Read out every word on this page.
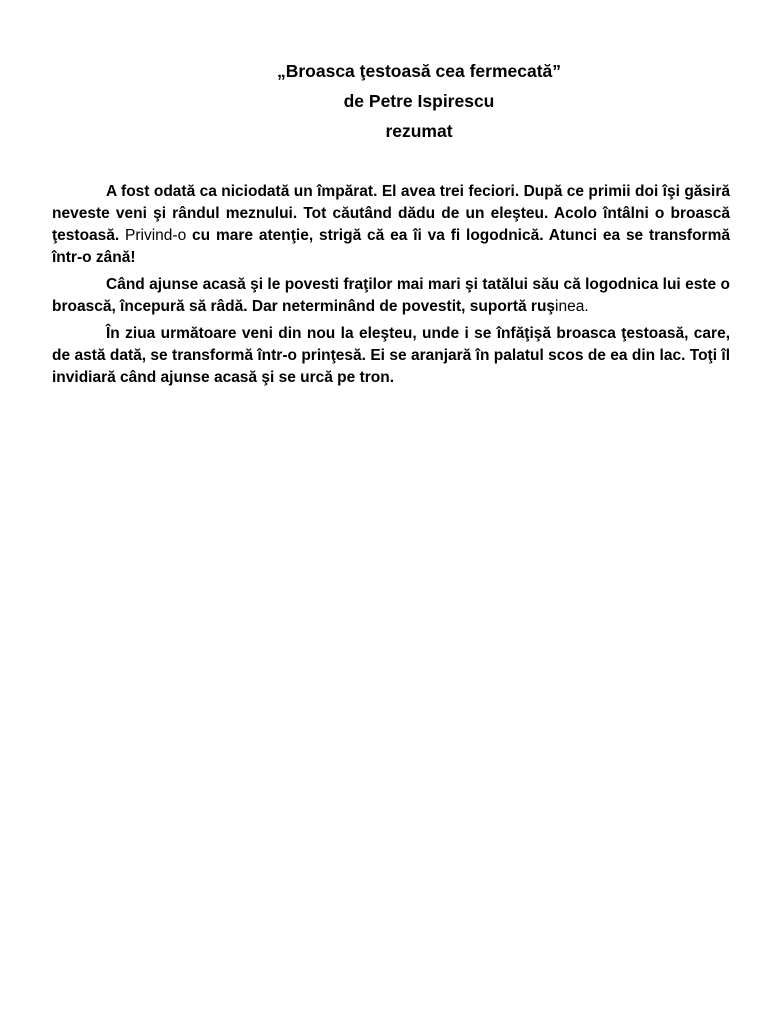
„Broasca ţestoasă cea fermecată”
de Petre Ispirescu
rezumat

A fost odată ca niciodată un împărat. El avea trei feciori. După ce primii doi îşi găsiră neveste veni şi rândul meznului. Tot căutând dădu de un eleşteu. Acolo întâlni o broască ţestoasă. Privind-o cu mare atenţie, strigă că ea îi va fi logodnică. Atunci ea se transformă într-o zână!

Când ajunse acasă şi le povesti fraţilor mai mari şi tatălui său că logodnica lui este o broască, începură să râdă. Dar neterminând de povestit, suportă ruşinea.

În ziua următoare veni din nou la eleşteu, unde i se înfăţişă broasca ţestoasă, care, de astă dată, se transformă într-o prinţesă. Ei se aranjară în palatul scos de ea din lac. Toţi îl invidiară când ajunse acasă şi se urcă pe tron.
